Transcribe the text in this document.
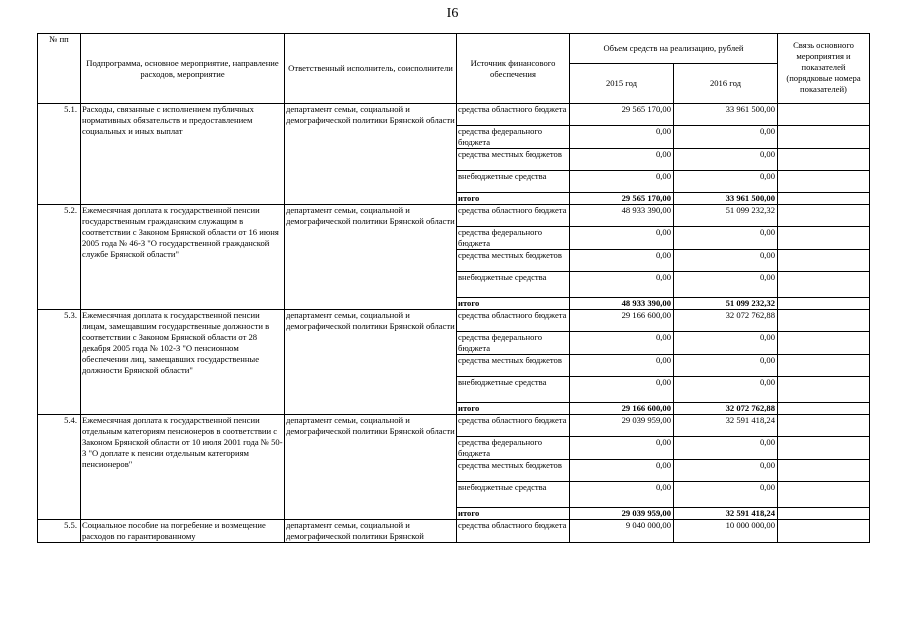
I6
№ пп	Подпрограмма, основное мероприятие, направление расходов, мероприятие	Ответственный исполнитель, соисполнители	Источник финансового обеспечения	Объем средств на реализацию, рублей		Связь основного мероприятия и показателей (порядковые номера показателей)
				2015 год	2016 год	
5.1.	Расходы, связанные с исполнением публичных нормативных обязательств и предоставлением социальных и иных выплат	департамент семьи, социальной и демографической политики Брянской области	средства областного бюджета	29 565 170,00	33 961 500,00	
			средства федерального бюджета	0,00	0,00	
			средства местных бюджетов	0,00	0,00	
			внебюджетные средства	0,00	0,00	
			итого	29 565 170,00	33 961 500,00	
5.2.	Ежемесячная доплата к государственной пенсии государственным гражданским служащим в соответствии с Законом Брянской области от 16 июня 2005 года № 46-З "О государственной гражданской службе Брянской области"	департамент семьи, социальной и демографической политики Брянской области	средства областного бюджета	48 933 390,00	51 099 232,32	
			средства федерального бюджета	0,00	0,00	
			средства местных бюджетов	0,00	0,00	
			внебюджетные средства	0,00	0,00	
			итого	48 933 390,00	51 099 232,32	
5.3.	Ежемесячная доплата к государственной пенсии лицам, замещавшим государственные должности в соответствии с Законом Брянской области от 28 декабря 2005 года № 102-З "О пенсионном обеспечении лиц, замещавших государственные должности Брянской области"	департамент семьи, социальной и демографической политики Брянской области	средства областного бюджета	29 166 600,00	32 072 762,88	
			средства федерального бюджета	0,00	0,00	
			средства местных бюджетов	0,00	0,00	
			внебюджетные средства	0,00	0,00	
			итого	29 166 600,00	32 072 762,88	
5.4.	Ежемесячная доплата к государственной пенсии отдельным категориям пенсионеров в соответствии с Законом Брянской области от 10 июля 2001 года № 50-З "О доплате к пенсии отдельным категориям пенсионеров"	департамент семьи, социальной и демографической политики Брянской области	средства областного бюджета	29 039 959,00	32 591 418,24	
			средства федерального бюджета	0,00	0,00	
			средства местных бюджетов	0,00	0,00	
			внебюджетные средства	0,00	0,00	
			итого	29 039 959,00	32 591 418,24	
5.5.	Социальное пособие на погребение и возмещение расходов по гарантированному	департамент семьи, социальной и демографической политики Брянской	средства областного бюджета	9 040 000,00	10 000 000,00	
